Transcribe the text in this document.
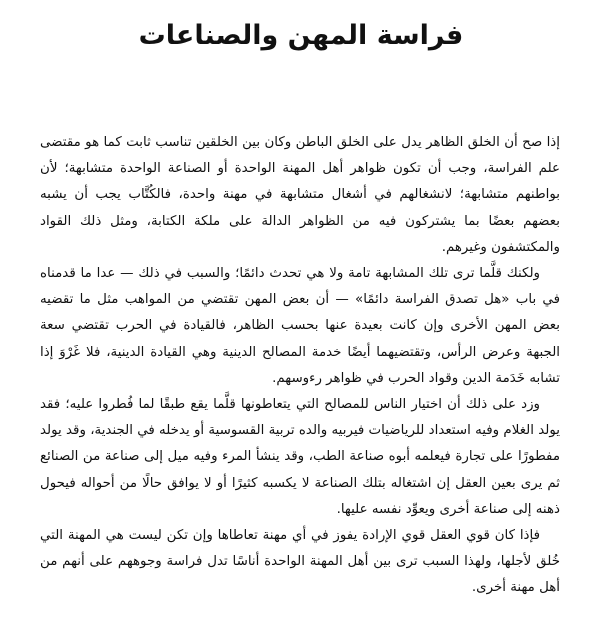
فراسة المهن والصناعات

إذا صح أن الخلق الظاهر يدل على الخلق الباطن وكان بين الخلقين تناسب ثابت كما هو مقتضى علم الفراسة، وجب أن تكون ظواهر أهل المهنة الواحدة أو الصناعة الواحدة متشابهة؛ لأن بواطنهم متشابهة؛ لانشغالهم في أشغال متشابهة في مهنة واحدة، فالكُتَّاب يجب أن يشبه بعضهم بعضًا بما يشتركون فيه من الظواهر الدالة على ملكة الكتابة، ومثل ذلك القواد والمكتشفون وغيرهم.

ولكنك قلَّما ترى تلك المشابهة تامة ولا هي تحدث دائمًا؛ والسبب في ذلك — عدا ما قدمناه في باب «هل تصدق الفراسة دائمًا» — أن بعض المهن تقتضي من المواهب مثل ما تقضيه بعض المهن الأخرى وإن كانت بعيدة عنها بحسب الظاهر، فالقيادة في الحرب تقتضي سعة الجبهة وعرض الرأس، وتقتضيهما أيضًا خدمة المصالح الدينية وهي القيادة الدينية، فلا غَرْوَ إذا تشابه خَدَمة الدين وقواد الحرب في ظواهر رءوسهم.

وزد على ذلك أن اختيار الناس للمصالح التي يتعاطونها قلَّما يقع طبقًا لما فُطروا عليه؛ فقد يولد الغلام وفيه استعداد للرياضيات فيربيه والده تربية القسوسية أو يدخله في الجندية، وقد يولد مفطورًا على تجارة فيعلمه أبوه صناعة الطب، وقد ينشأ المرء وفيه ميل إلى صناعة من الصنائع ثم يرى بعين العقل إن اشتغاله بتلك الصناعة لا يكسبه كثيرًا أو لا يوافق حالًا من أحواله فيحول ذهنه إلى صناعة أخرى ويعوِّد نفسه عليها.

فإذا كان قوي العقل قوي الإرادة يفوز في أي مهنة تعاطاها وإن تكن ليست هي المهنة التي خُلق لأجلها، ولهذا السبب ترى بين أهل المهنة الواحدة أناسًا تدل فراسة وجوههم على أنهم من أهل مهنة أخرى.
